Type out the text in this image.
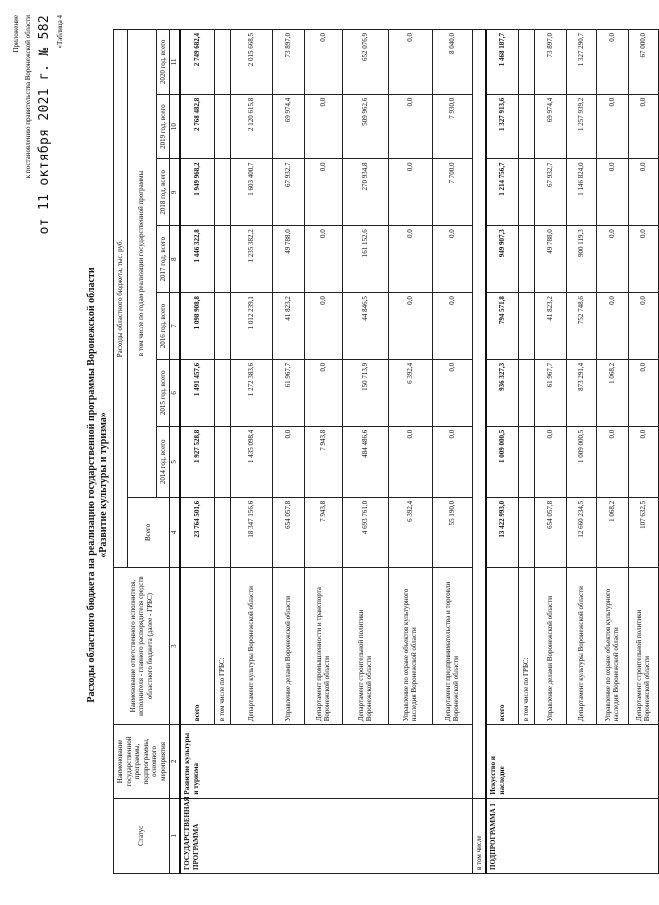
Приложение к постановлению правительства Воронежской области от 11 октября 2021 г. № 582 «Таблица 4
Расходы областного бюджета на реализацию государственной программы Воронежской области «Развитие культуры и туризма»
Статус	Наименование государственной программы, подпрограммы, основного мероприятия	Наименование ответственного исполнителя, исполнителя - главного распорядителя средств областного бюджета (далее - ГРБС)	Расходы областного бюджета, тыс. руб.							
			Всего	в том числе по годам реализации государственной программы						
				2014 год, всего	2015 год, всего	2016 год, всего	2017 год, всего	2018 год, всего	2019 год, всего	2020 год, всего
1	2	3	4	5	6	7	8	9	10	11
ГОСУДАРСТВЕННАЯ ПРОГРАММА	Развитие культуры и туризма	всего	23 764 501,6	1 927 528,8	1 491 457,6	1 098 908,8	1 446 322,8	1 949 968,2	2 768 482,8	2 749 682,4
		в том числе по ГРБС:								
		Департамент культуры Воронежской области	18 347 156,6	1 435 098,4	1 272 383,6	1 012 239,1	1 235 382,2	1 603 400,7	2 120 615,8	2 015 668,5
		Управление делами Воронежской области	654 057,8	0,0	61 967,7	41 823,2	49 788,0	67 932,7	69 974,4	73 897,0
		Департамент промышленности и транспорта Воронежской области	7 943,8	7 943,8	0,0	0,0	0,0	0,0	0,0	0,0
		Департамент строительной политики Воронежской области	4 693 761,0	484 486,6	150 713,9	44 846,5	161 152,6	270 934,8	509 962,6	652 076,9
		Управление по охране объектов культурного наследия Воронежской области	6 392,4	0,0	6 392,4	0,0	0,0	0,0	0,0	0,0
		Департамент предпринимательства и торговли Воронежской области	55 190,0	0,0	0,0	0,0	0,0	7 700,0	7 930,0	8 040,0
в том числе										
ПОДПРОГРАММА 1	Искусство и наследие	всего	13 422 993,0	1 009 000,5	936 327,3	794 571,8	949 907,3	1 214 756,7	1 327 913,6	1 468 187,7
		в том числе по ГРБС:								
		Управление делами Воронежской области	654 057,8	0,0	61 967,7	41 823,2	49 788,0	67 932,7	69 974,4	73 897,0
		Департамент культуры Воронежской области	12 660 234,5	1 009 000,5	873 291,4	752 748,6	900 119,3	1 146 824,0	1 257 939,2	1 327 290,7
		Управление по охране объектов культурного наследия Воронежской области	1 068,2	0,0	1 068,2	0,0	0,0	0,0	0,0	0,0
		Департамент строительной политики Воронежской области	107 632,5	0,0	0,0	0,0	0,0	0,0	0,0	67 000,0
